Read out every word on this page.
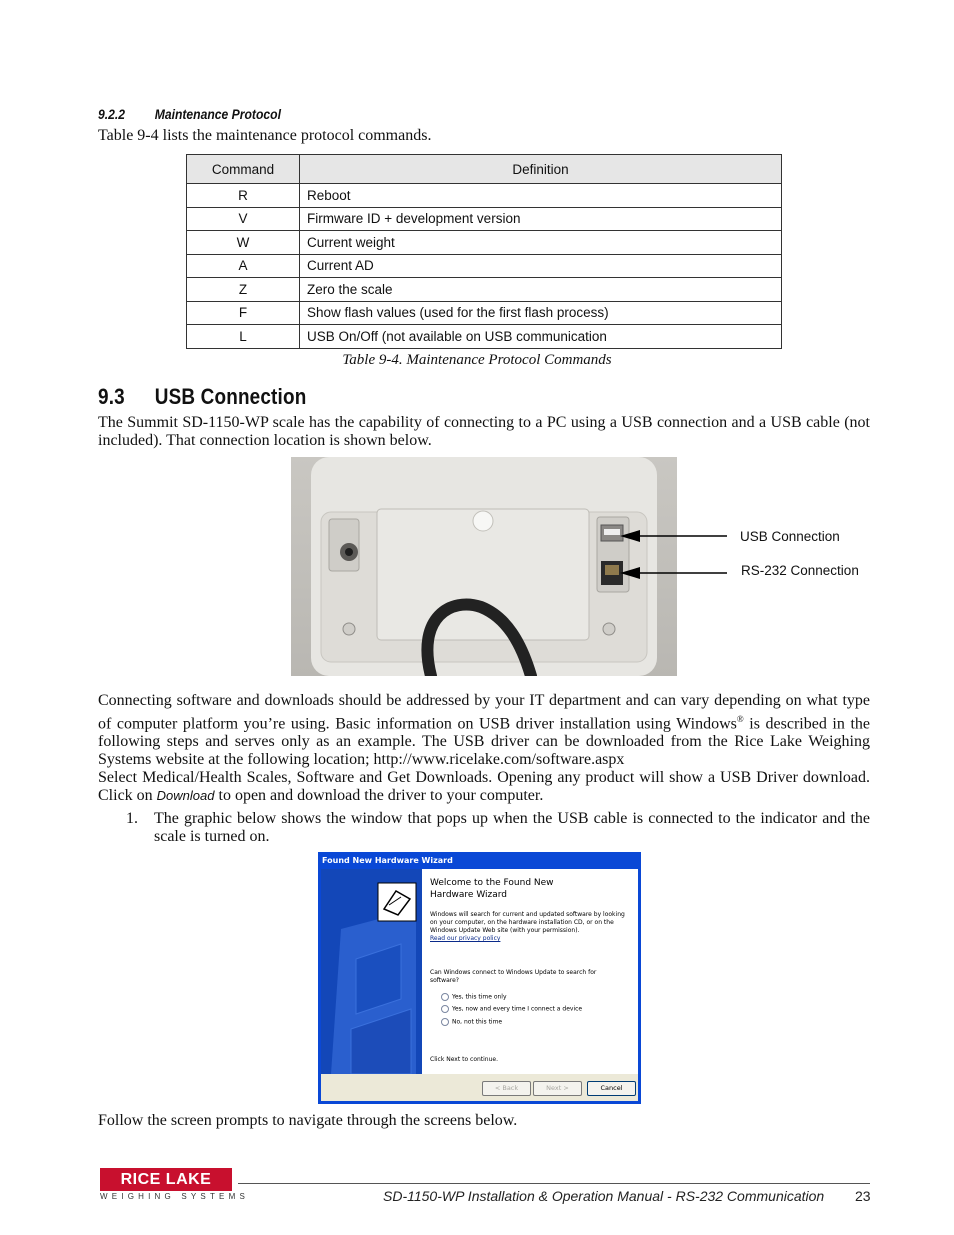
9.2.2 Maintenance Protocol
Table 9-4 lists the maintenance protocol commands.
Command	Definition
R	Reboot
V	Firmware ID + development version
W	Current weight
A	Current AD
Z	Zero the scale
F	Show flash values (used for the first flash process)
L	USB On/Off (not available on USB communication
Table 9-4. Maintenance Protocol Commands
9.3 USB Connection
The Summit SD-1150-WP scale has the capability of connecting to a PC using a USB connection and a USB cable (not included). That connection location is shown below.
USB Connection
RS-232 Connection
Connecting software and downloads should be addressed by your IT department and can vary depending on what type of computer platform you’re using. Basic information on USB driver installation using Windows® is described in the following steps and serves only as an example. The USB driver can be downloaded from the Rice Lake Weighing Systems website at the following location; http://www.ricelake.com/software.aspx
Select Medical/Health Scales, Software and Get Downloads. Opening any product will show a USB Driver download. Click on Download to open and download the driver to your computer.
1. The graphic below shows the window that pops up when the USB cable is connected to the indicator and the scale is turned on.
Found New Hardware Wizard
Welcome to the Found New Hardware Wizard
Windows will search for current and updated software by looking on your computer, on the hardware installation CD, or on the Windows Update Web site (with your permission).
Read our privacy policy
Can Windows connect to Windows Update to search for software?
Yes, this time only
Yes, now and every time I connect a device
No, not this time
Click Next to continue.
< Back	Next >	Cancel
Follow the screen prompts to navigate through the screens below.
RICE LAKE
WEIGHING SYSTEMS	SD-1150-WP Installation & Operation Manual - RS-232 Communication 23
